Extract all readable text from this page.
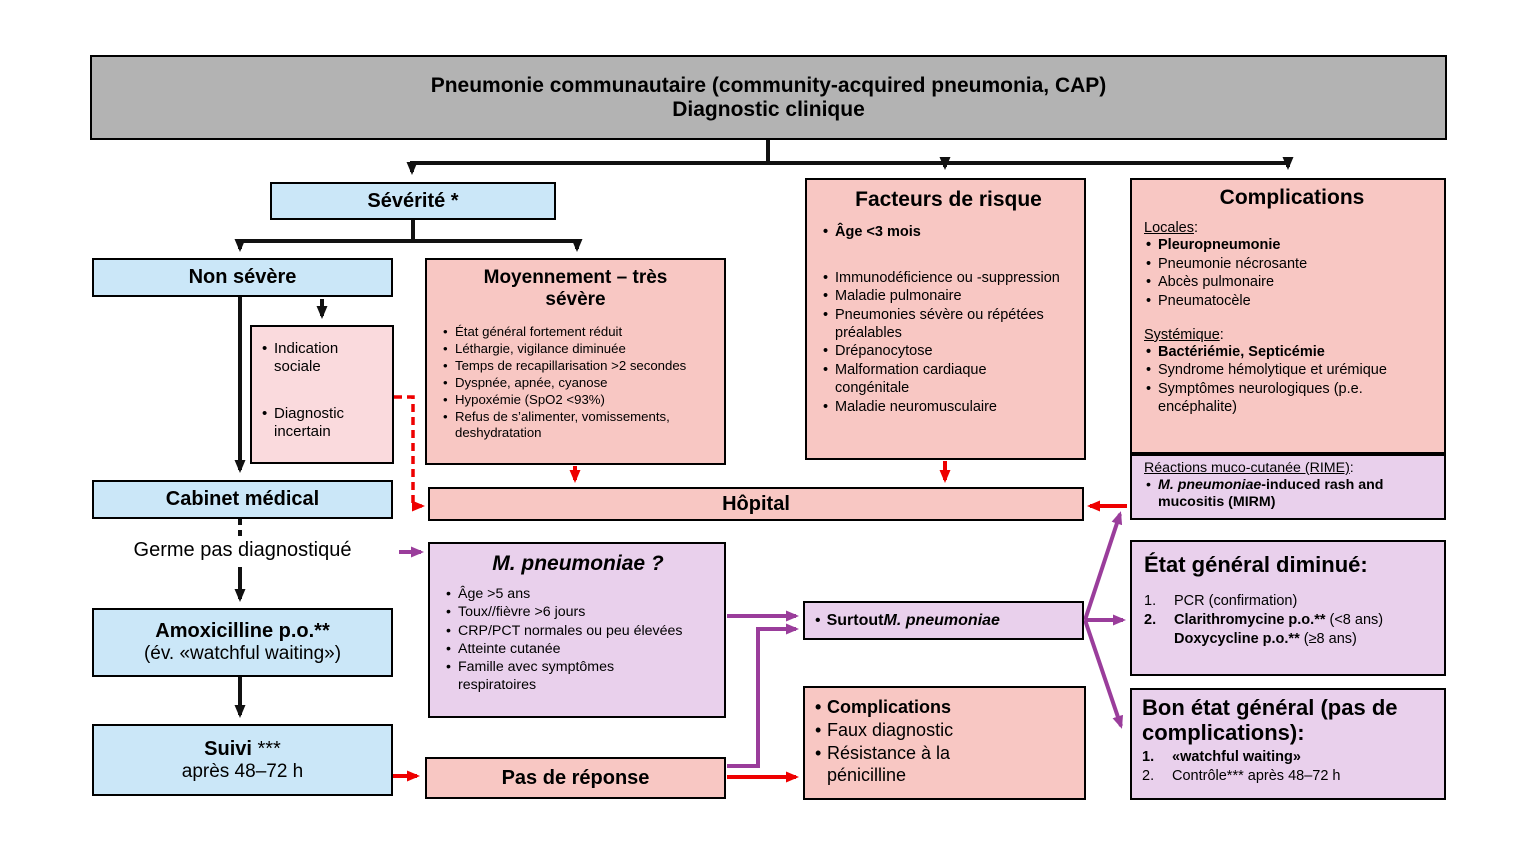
Pneumonie communautaire (community-acquired pneumonia, CAP)
Diagnostic clinique
Sévérité *
Non sévère	Moyennement – très sévère
• État général fortement réduit
• Léthargie, vigilance diminuée
• Temps de recapillarisation >2 secondes
• Dyspnée, apnée, cyanose
• Hypoxémie (SpO2 <93%)
• Refus de s’alimenter, vomissements, deshydratation
• Indication sociale
• Diagnostic incertain
Cabinet médical
Germe pas diagnostiqué
Amoxicilline p.o.**
(év. «watchful waiting»)
Suivi ***
après 48–72 h
Hôpital
M. pneumoniae ?
• Âge >5 ans
• Toux//fièvre >6 jours
• CRP/PCT normales ou peu élevées
• Atteinte cutanée
• Famille avec symptômes respiratoires
Pas de réponse
Facteurs de risque
• Âge <3 mois
• Immunodéficience ou -suppression
• Maladie pulmonaire
• Pneumonies sévère ou répétées préalables
• Drépanocytose
• Malformation cardiaque congénitale
• Maladie neuromusculaire
• Surtout M. pneumoniae
• Complications
• Faux diagnostic
• Résistance à la pénicilline
Complications
Locales:
• Pleuropneumonie
• Pneumonie nécrosante
• Abcès pulmonaire
• Pneumatocèle
Systémique:
• Bactériémie, Septicémie
• Syndrome hémolytique et urémique
• Symptômes neurologiques (p.e. encéphalite)
Réactions muco-cutanée (RIME):
• M. pneumoniae-induced rash and mucositis (MIRM)
État général diminué:
1.	PCR (confirmation)
2.	Clarithromycine p.o.** (<8 ans)
Doxycycline p.o.** (≥8 ans)
Bon état général (pas de complications):
1.	«watchful waiting»
2.	Contrôle*** après 48–72 h
